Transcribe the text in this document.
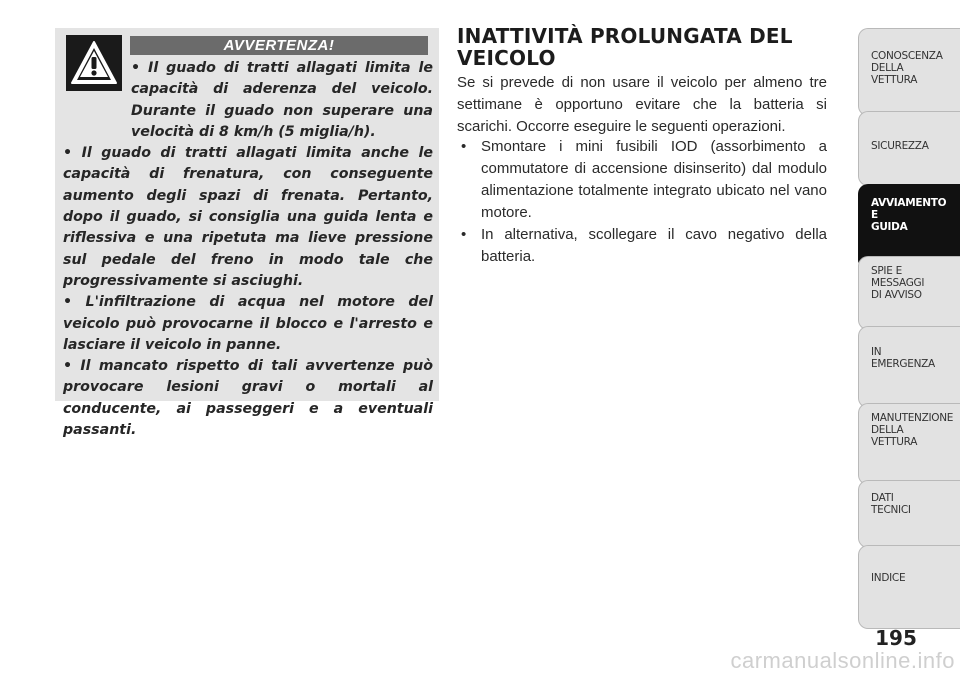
AVVERTENZA!

• Il guado di tratti allagati limita le capacità di aderenza del veicolo. Durante il guado non superare una velocità di 8 km/h (5 miglia/h).

• Il guado di tratti allagati limita anche le capacità di frenatura, con conseguente aumento degli spazi di frenata. Pertanto, dopo il guado, si consiglia una guida lenta e riflessiva e una ripetuta ma lieve pressione sul pedale del freno in modo tale che progressivamente si asciughi.

• L'infiltrazione di acqua nel motore del veicolo può provocarne il blocco e l'arresto e lasciare il veicolo in panne.

• Il mancato rispetto di tali avvertenze può provocare lesioni gravi o mortali al conducente, ai passeggeri e a eventuali passanti.

INATTIVITÀ PROLUNGATA DEL VEICOLO

Se si prevede di non usare il veicolo per almeno tre settimane è opportuno evitare che la batteria si scarichi. Occorre eseguire le seguenti operazioni.

• Smontare i mini fusibili IOD (assorbimento a commutatore di accensione disinserito) dal modulo alimentazione totalmente integrato ubicato nel vano motore.
• In alternativa, scollegare il cavo negativo della batteria.

CONOSCENZA
DELLA
VETTURA

SICUREZZA

AVVIAMENTO
E
GUIDA

SPIE E
MESSAGGI
DI AVVISO

IN
EMERGENZA

MANUTENZIONE
DELLA
VETTURA

DATI
TECNICI

INDICE

195
carmanualsonline.info
